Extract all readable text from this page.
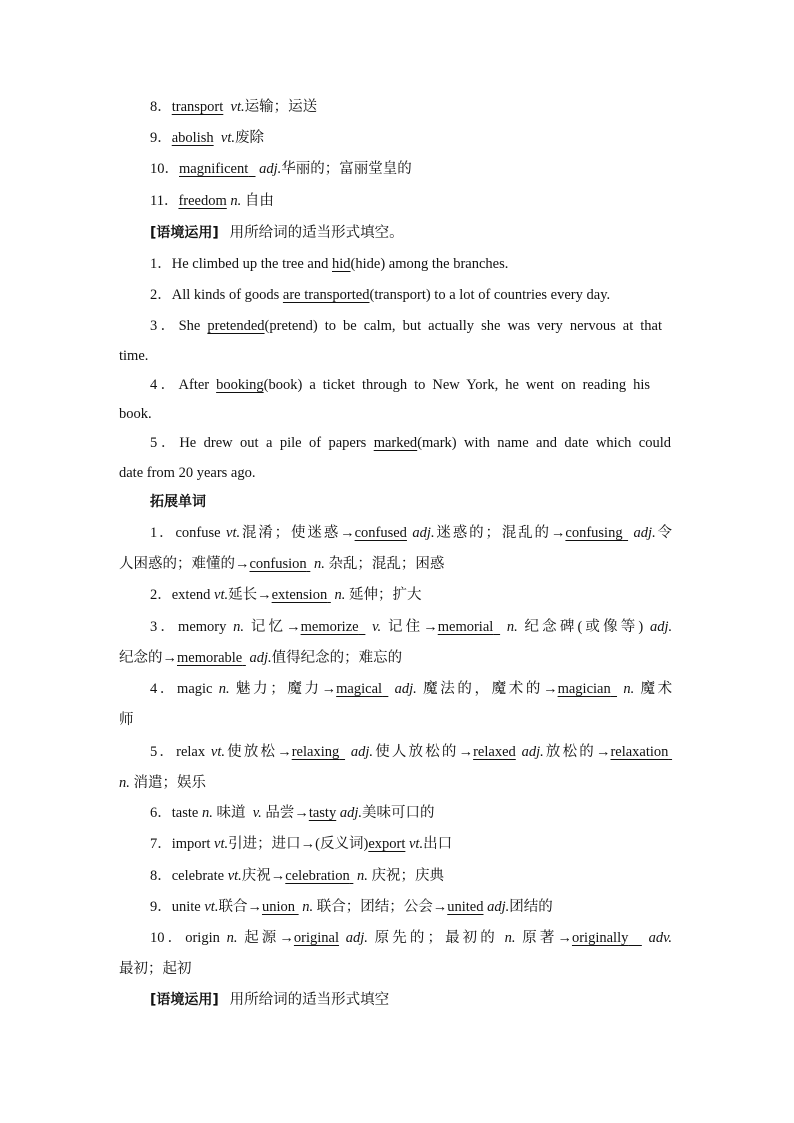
8．transport vt.运输；运送
9．abolish vt.废除
10．magnificent adj.华丽的；富丽堂皇的
11．freedom n. 自由
[语境运用] 用所给词的适当形式填空。
1．He climbed up the tree and hid(hide) among the branches.
2．All kinds of goods are transported(transport) to a lot of countries every day.
3．She pretended(pretend) to be calm, but actually she was very nervous at that
time.
4．After booking(book) a ticket through to New York, he went on reading his
book.
5．He drew out a pile of papers marked(mark) with name and date which could
date from 20 years ago.
拓展单词
1．confuse vt.混淆；使迷惑→confused adj.迷惑的；混乱的→confusing adj.令
人困惑的；难懂的→confusion n. 杂乱；混乱；困惑
2．extend vt.延长→extension n. 延伸；扩大
3．memory n. 记忆→memorize v. 记住→memorial n. 纪念碑(或像等) adj.
纪念的→memorable adj.值得纪念的；难忘的
4．magic n. 魅力；魔力→magical adj. 魔法的，魔术的→magician n. 魔术
师
5．relax vt.使放松→relaxing adj.使人放松的→relaxed adj.放松的→relaxation
n. 消遣；娱乐
6．taste n. 味道 v. 品尝→tasty adj.美味可口的
7．import vt.引进；进口→(反义词)export vt.出口
8．celebrate vt.庆祝→celebration n. 庆祝；庆典
9．unite vt.联合→union n. 联合；团结；公会→united adj.团结的
10．origin n. 起源→original adj. 原先的；最初的 n. 原著→originally adv.
最初；起初
[语境运用] 用所给词的适当形式填空
